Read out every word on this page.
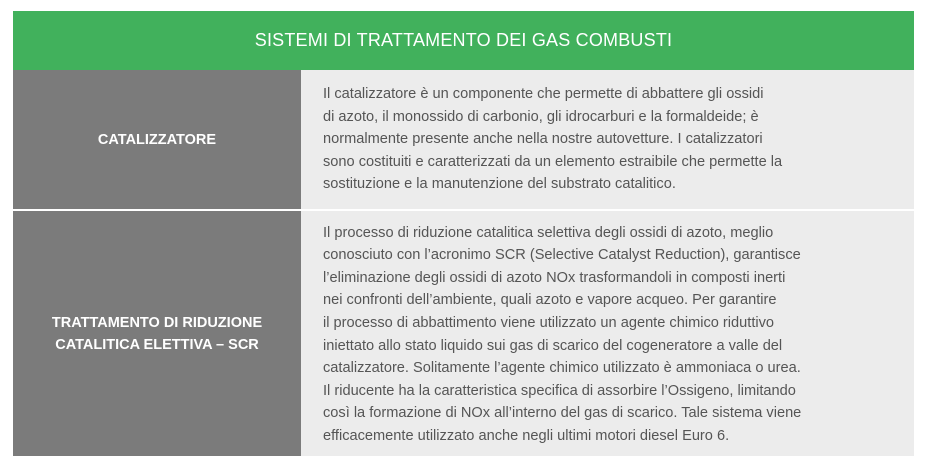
SISTEMI DI TRATTAMENTO DEI GAS COMBUSTI
CATALIZZATORE

Il catalizzatore è un componente che permette di abbattere gli ossidi
di azoto, il monossido di carbonio, gli idrocarburi e la formaldeide; è
normalmente presente anche nella nostre autovetture. I catalizzatori
sono costituiti e caratterizzati da un elemento estraibile che permette la
sostituzione e la manutenzione del substrato catalitico.

TRATTAMENTO DI RIDUZIONE
CATALITICA ELETTIVA – SCR

Il processo di riduzione catalitica selettiva degli ossidi di azoto, meglio
conosciuto con l’acronimo SCR (Selective Catalyst Reduction), garantisce
l’eliminazione degli ossidi di azoto NOx trasformandoli in composti inerti
nei confronti dell’ambiente, quali azoto e vapore acqueo. Per garantire
il processo di abbattimento viene utilizzato un agente chimico riduttivo
iniettato allo stato liquido sui gas di scarico del cogeneratore a valle del
catalizzatore. Solitamente l’agente chimico utilizzato è ammoniaca o urea.
Il riducente ha la caratteristica specifica di assorbire l’Ossigeno, limitando
così la formazione di NOx all’interno del gas di scarico. Tale sistema viene
efficacemente utilizzato anche negli ultimi motori diesel Euro 6.
